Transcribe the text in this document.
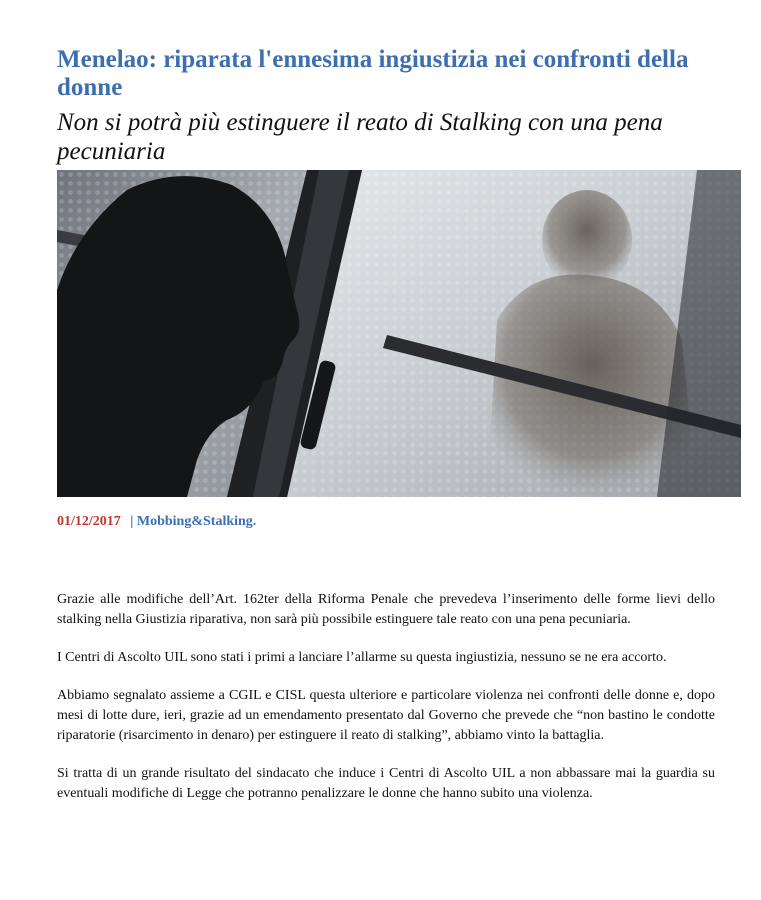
Menelao: riparata l'ennesima ingiustizia nei confronti della donne
Non si potrà più estinguere il reato di Stalking con una pena pecuniaria
01/12/2017 | Mobbing&Stalking.

Grazie alle modifiche dell’Art. 162ter della Riforma Penale che prevedeva l’inserimento delle forme lievi dello stalking nella Giustizia riparativa, non sarà più possibile estinguere tale reato con una pena pecuniaria.

I Centri di Ascolto UIL sono stati i primi a lanciare l’allarme su questa ingiustizia, nessuno se ne era accorto.

Abbiamo segnalato assieme a CGIL e CISL questa ulteriore e particolare violenza nei confronti delle donne e, dopo mesi di lotte dure, ieri, grazie ad un emendamento presentato dal Governo che prevede che “non bastino le condotte riparatorie (risarcimento in denaro) per estinguere il reato di stalking”, abbiamo vinto la battaglia.

Si tratta di un grande risultato del sindacato che induce i Centri di Ascolto UIL a non abbassare mai la guardia su eventuali modifiche di Legge che potranno penalizzare le donne che hanno subito una violenza.
